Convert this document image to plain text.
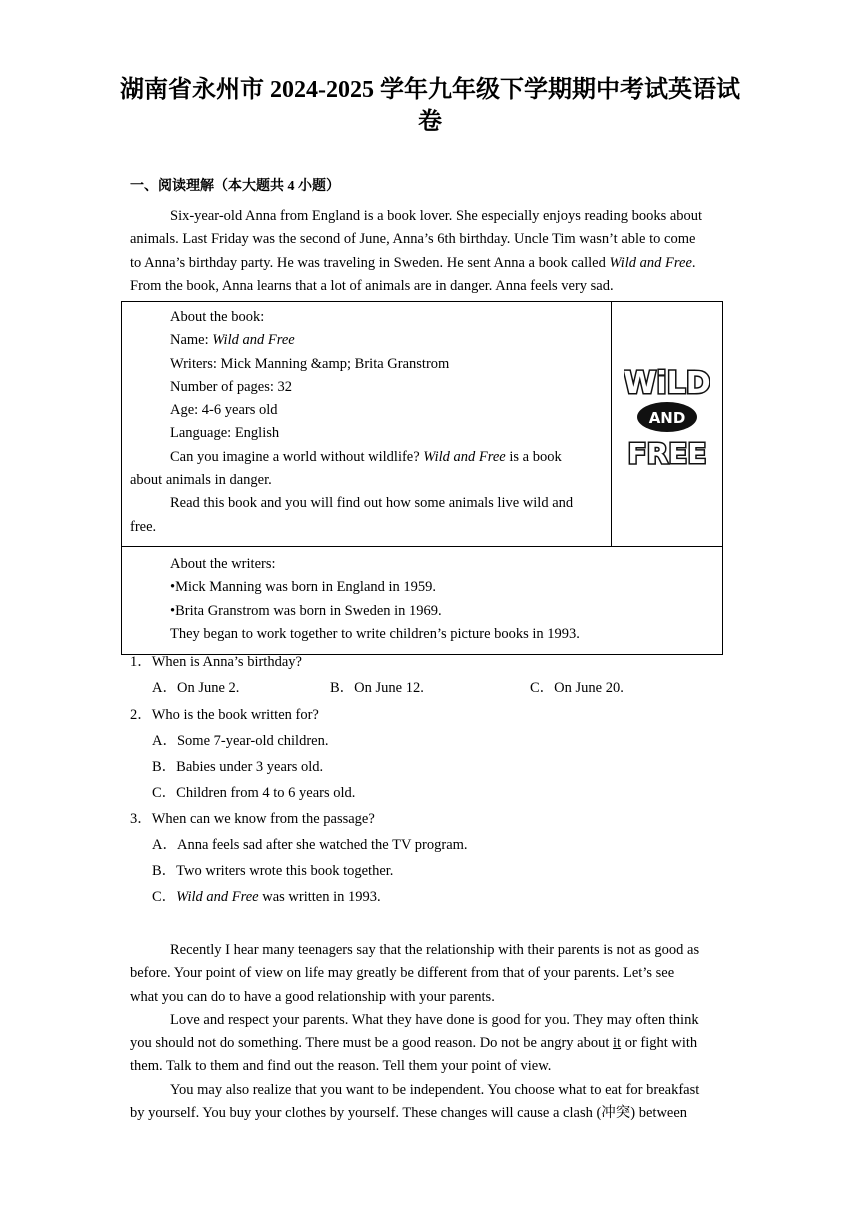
湖南省永州市 2024-2025 学年九年级下学期期中考试英语试
卷
一、阅读理解（本大题共 4 小题）

Six-year-old Anna from England is a book lover. She especially enjoys reading books about

animals. Last Friday was the second of June, Anna’s 6th birthday. Uncle Tim wasn’t able to come
to Anna’s birthday party. He was traveling in Sweden. He sent Anna a book called Wild and Free.
From the book, Anna learns that a lot of animals are in danger. Anna feels very sad.

About the book:

Name: Wild and Free

Writers: Mick Manning &amp; Brita Granstrom

Number of pages: 32

Age: 4-6 years old

Language: English

Can you imagine a world without wildlife? Wild and Free is a book

about animals in danger.

Read this book and you will find out how some animals live wild and

free.

WiLD
AND
FREE

About the writers:

•Mick Manning was born in England in 1959.

•Brita Granstrom was born in Sweden in 1969.

They began to work together to write children’s picture books in 1993.

1．When is Anna’s birthday?
A．On June 2.	B．On June 12.	C．On June 20.
2．Who is the book written for?
A．Some 7-year-old children.
B．Babies under 3 years old.
C．Children from 4 to 6 years old.
3．When can we know from the passage?
A．Anna feels sad after she watched the TV program.
B．Two writers wrote this book together.
C．Wild and Free was written in 1993.

Recently I hear many teenagers say that the relationship with their parents is not as good as

before. Your point of view on life may greatly be different from that of your parents. Let’s see
what you can do to have a good relationship with your parents.

Love and respect your parents. What they have done is good for you. They may often think

you should not do something. There must be a good reason. Do not be angry about it or fight with
them. Talk to them and find out the reason. Tell them your point of view.

You may also realize that you want to be independent. You choose what to eat for breakfast

by yourself. You buy your clothes by yourself. These changes will cause a clash (冲突) between
